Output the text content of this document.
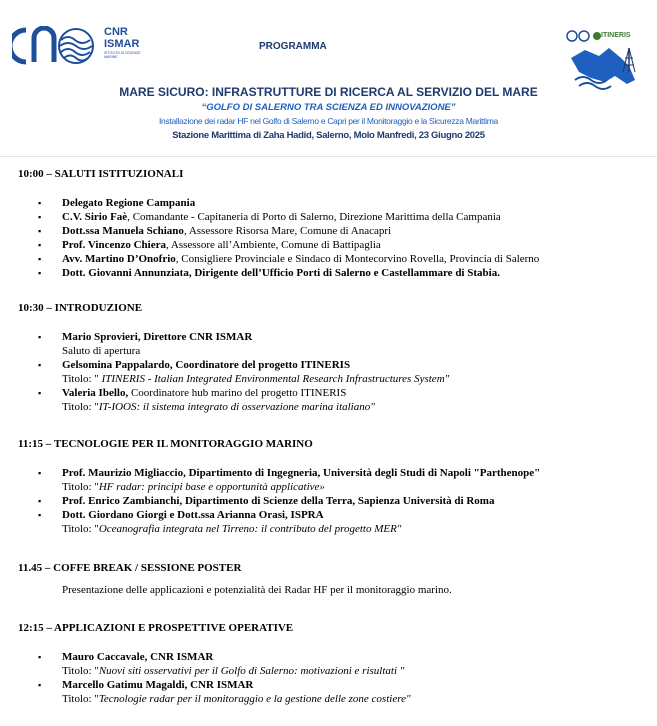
CNR
ISMAR
ISTITUTO DI SCIENZE MARINE
PROGRAMMA
ITINERIS
MARE SICURO: INFRASTRUTTURE DI RICERCA AL SERVIZIO DEL MARE
“GOLFO DI SALERNO TRA SCIENZA ED INNOVAZIONE”
Installazione dei radar HF nel Golfo di Salerno e Capri per il Monitoraggio e la Sicurezza Marittima
Stazione Marittima di Zaha Hadid, Salerno, Molo Manfredi, 23 Giugno 2025
10:00 – SALUTI ISTITUZIONALI
▪ Delegato Regione Campania
▪ C.V. Sirio Faè, Comandante - Capitaneria di Porto di Salerno, Direzione Marittima della Campania
▪ Dott.ssa Manuela Schiano, Assessore Risorsa Mare, Comune di Anacapri
▪ Prof. Vincenzo Chiera, Assessore all’Ambiente, Comune di Battipaglia
▪ Avv. Martino D’Onofrio, Consigliere Provinciale e Sindaco di Montecorvino Rovella, Provincia di Salerno
▪ Dott. Giovanni Annunziata, Dirigente dell’Ufficio Porti di Salerno e Castellammare di Stabia.
10:30 – INTRODUZIONE
▪ Mario Sprovieri, Direttore CNR ISMAR
Saluto di apertura
▪ Gelsomina Pappalardo, Coordinatore del progetto ITINERIS
Titolo: " ITINERIS - Italian Integrated Environmental Research Infrastructures System"
▪ Valeria Ibello, Coordinatore hub marino del progetto ITINERIS
Titolo: "IT-IOOS: il sistema integrato di osservazione marina italiano"
11:15 – TECNOLOGIE PER IL MONITORAGGIO MARINO
▪ Prof. Maurizio Migliaccio, Dipartimento di Ingegneria, Università degli Studi di Napoli "Parthenope"
Titolo: "HF radar: principi base e opportunità applicative»
▪ Prof. Enrico Zambianchi, Dipartimento di Scienze della Terra, Sapienza Università di Roma
▪ Dott. Giordano Giorgi e Dott.ssa Arianna Orasi, ISPRA
Titolo: "Oceanografia integrata nel Tirreno: il contributo del progetto MER"
11.45 – COFFE BREAK / SESSIONE POSTER
Presentazione delle applicazioni e potenzialità dei Radar HF per il monitoraggio marino.
12:15 – APPLICAZIONI E PROSPETTIVE OPERATIVE
▪ Mauro Caccavale, CNR ISMAR
Titolo: "Nuovi siti osservativi per il Golfo di Salerno: motivazioni e risultati "
▪ Marcello Gatimu Magaldi, CNR ISMAR
Titolo: "Tecnologie radar per il monitoraggio e la gestione delle zone costiere"
